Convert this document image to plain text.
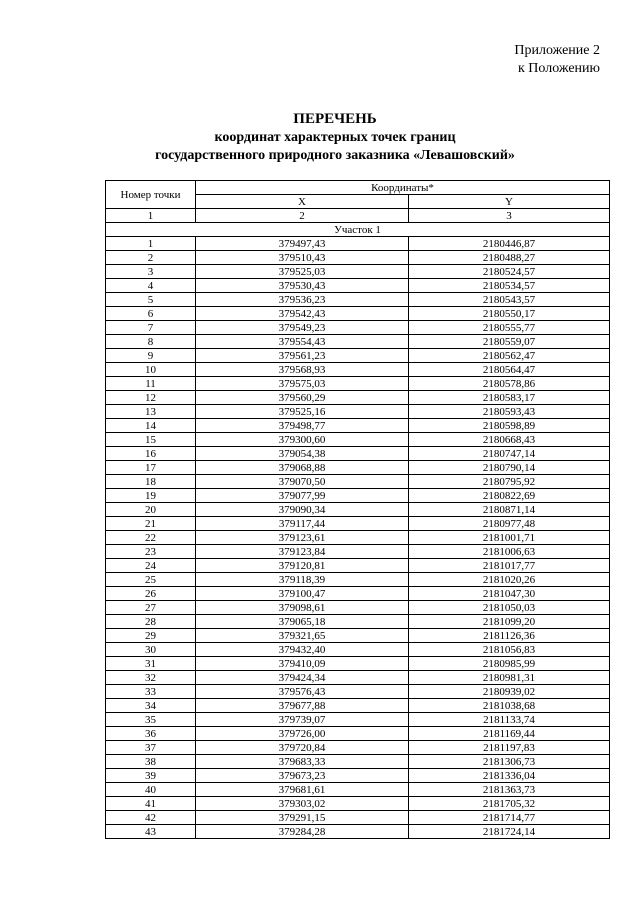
Приложение 2
к Положению
ПЕРЕЧЕНЬ
координат характерных точек границ
государственного природного заказника «Левашовский»
Номер точки	Координаты*	
	X	Y
1	2	3
Участок 1		
1	379497,43	2180446,87
2	379510,43	2180488,27
3	379525,03	2180524,57
4	379530,43	2180534,57
5	379536,23	2180543,57
6	379542,43	2180550,17
7	379549,23	2180555,77
8	379554,43	2180559,07
9	379561,23	2180562,47
10	379568,93	2180564,47
11	379575,03	2180578,86
12	379560,29	2180583,17
13	379525,16	2180593,43
14	379498,77	2180598,89
15	379300,60	2180668,43
16	379054,38	2180747,14
17	379068,88	2180790,14
18	379070,50	2180795,92
19	379077,99	2180822,69
20	379090,34	2180871,14
21	379117,44	2180977,48
22	379123,61	2181001,71
23	379123,84	2181006,63
24	379120,81	2181017,77
25	379118,39	2181020,26
26	379100,47	2181047,30
27	379098,61	2181050,03
28	379065,18	2181099,20
29	379321,65	2181126,36
30	379432,40	2181056,83
31	379410,09	2180985,99
32	379424,34	2180981,31
33	379576,43	2180939,02
34	379677,88	2181038,68
35	379739,07	2181133,74
36	379726,00	2181169,44
37	379720,84	2181197,83
38	379683,33	2181306,73
39	379673,23	2181336,04
40	379681,61	2181363,73
41	379303,02	2181705,32
42	379291,15	2181714,77
43	379284,28	2181724,14
